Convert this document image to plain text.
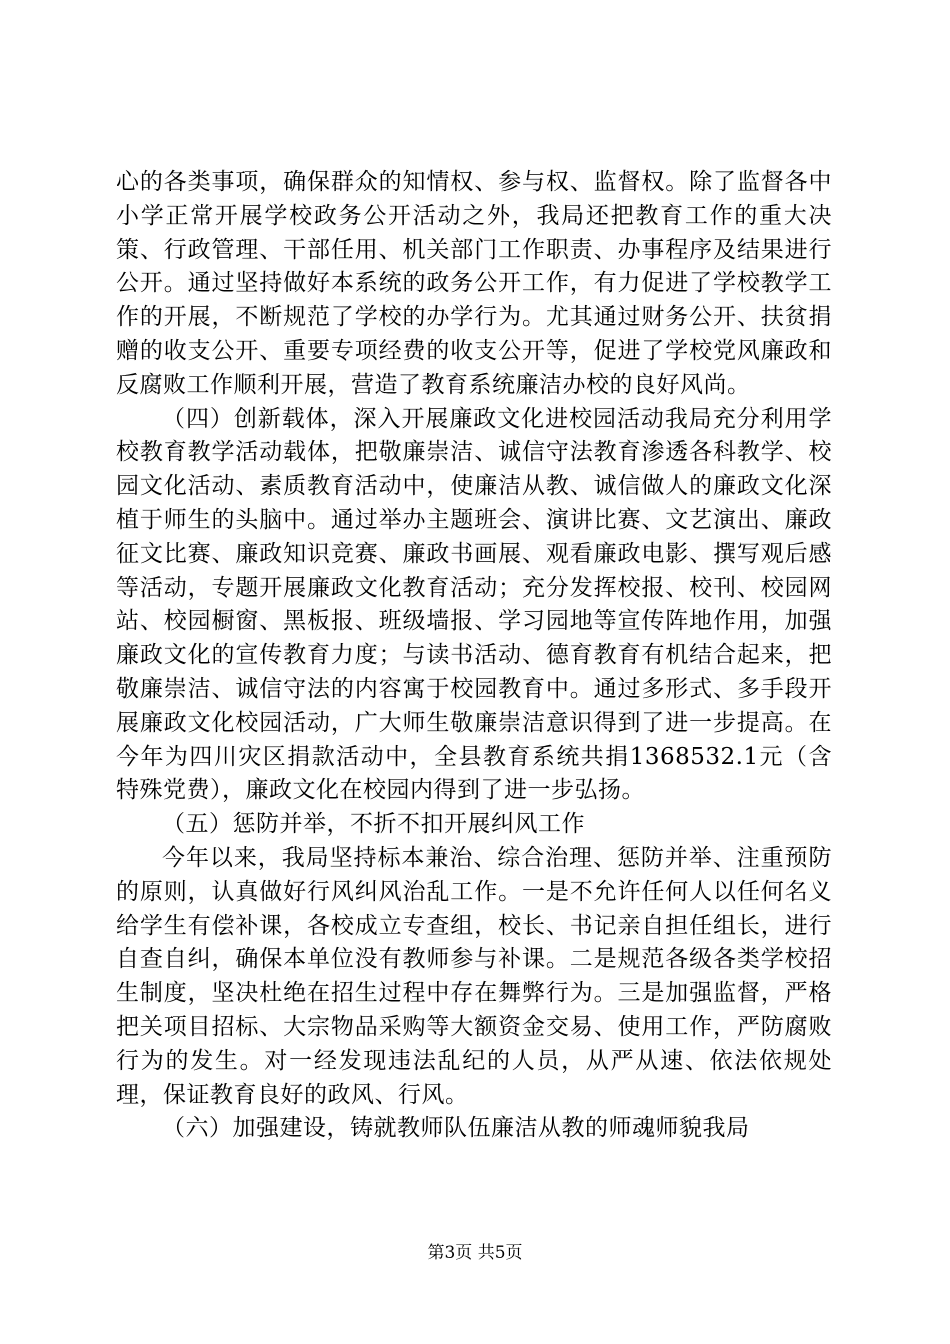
心的各类事项，确保群众的知情权、参与权、监督权。除了监督各中小学正常开展学校政务公开活动之外，我局还把教育工作的重大决策、行政管理、干部任用、机关部门工作职责、办事程序及结果进行公开。通过坚持做好本系统的政务公开工作，有力促进了学校教学工作的开展，不断规范了学校的办学行为。尤其通过财务公开、扶贫捐赠的收支公开、重要专项经费的收支公开等，促进了学校党风廉政和反腐败工作顺利开展，营造了教育系统廉洁办校的良好风尚。

（四）创新载体，深入开展廉政文化进校园活动我局充分利用学校教育教学活动载体，把敬廉崇洁、诚信守法教育渗透各科教学、校园文化活动、素质教育活动中，使廉洁从教、诚信做人的廉政文化深植于师生的头脑中。通过举办主题班会、演讲比赛、文艺演出、廉政征文比赛、廉政知识竞赛、廉政书画展、观看廉政电影、撰写观后感等活动，专题开展廉政文化教育活动；充分发挥校报、校刊、校园网站、校园橱窗、黑板报、班级墙报、学习园地等宣传阵地作用，加强廉政文化的宣传教育力度；与读书活动、德育教育有机结合起来，把敬廉崇洁、诚信守法的内容寓于校园教育中。通过多形式、多手段开展廉政文化校园活动，广大师生敬廉崇洁意识得到了进一步提高。在今年为四川灾区捐款活动中，全县教育系统共捐1368532.1元（含特殊党费），廉政文化在校园内得到了进一步弘扬。

（五）惩防并举，不折不扣开展纠风工作

今年以来，我局坚持标本兼治、综合治理、惩防并举、注重预防的原则，认真做好行风纠风治乱工作。一是不允许任何人以任何名义给学生有偿补课，各校成立专查组，校长、书记亲自担任组长，进行自查自纠，确保本单位没有教师参与补课。二是规范各级各类学校招生制度，坚决杜绝在招生过程中存在舞弊行为。三是加强监督，严格把关项目招标、大宗物品采购等大额资金交易、使用工作，严防腐败行为的发生。对一经发现违法乱纪的人员，从严从速、依法依规处理，保证教育良好的政风、行风。

（六）加强建设，铸就教师队伍廉洁从教的师魂师貌我局

第3页 共5页
